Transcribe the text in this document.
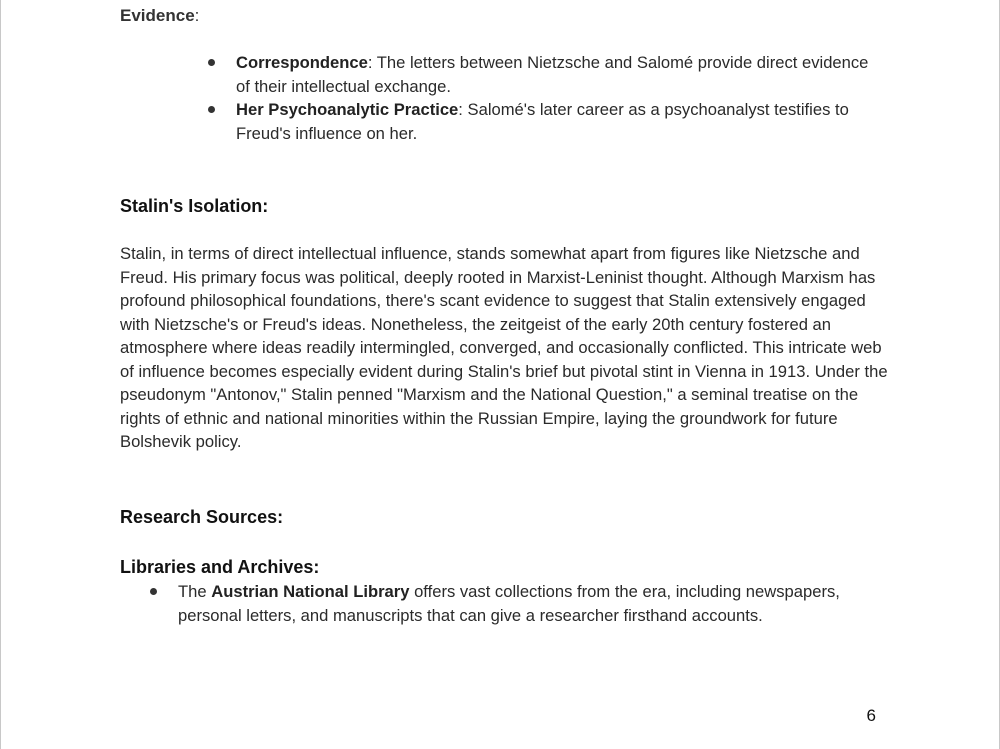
Evidence:
Correspondence: The letters between Nietzsche and Salomé provide direct evidence of their intellectual exchange.
Her Psychoanalytic Practice: Salomé's later career as a psychoanalyst testifies to Freud's influence on her.
Stalin's Isolation:
Stalin, in terms of direct intellectual influence, stands somewhat apart from figures like Nietzsche and Freud. His primary focus was political, deeply rooted in Marxist-Leninist thought. Although Marxism has profound philosophical foundations, there's scant evidence to suggest that Stalin extensively engaged with Nietzsche's or Freud's ideas. Nonetheless, the zeitgeist of the early 20th century fostered an atmosphere where ideas readily intermingled, converged, and occasionally conflicted. This intricate web of influence becomes especially evident during Stalin's brief but pivotal stint in Vienna in 1913. Under the pseudonym "Antonov," Stalin penned "Marxism and the National Question," a seminal treatise on the rights of ethnic and national minorities within the Russian Empire, laying the groundwork for future Bolshevik policy.
Research Sources:
Libraries and Archives:
The Austrian National Library offers vast collections from the era, including newspapers, personal letters, and manuscripts that can give a researcher firsthand accounts.
6
